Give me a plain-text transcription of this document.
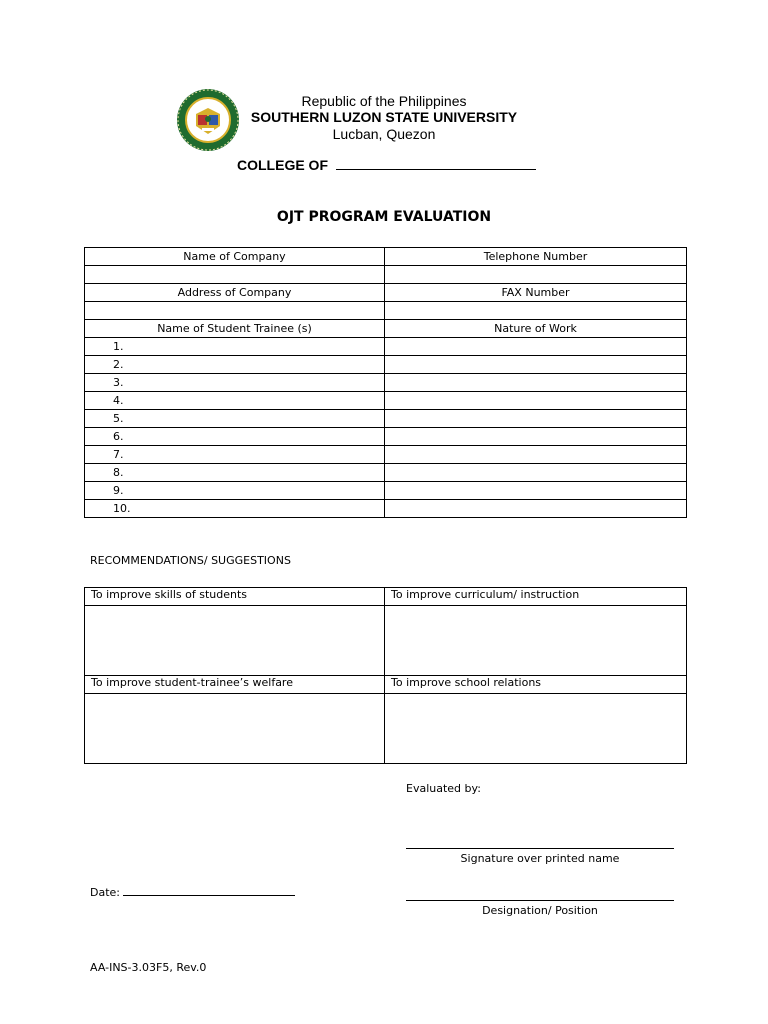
Republic of the Philippines
SOUTHERN LUZON STATE UNIVERSITY
Lucban, Quezon
COLLEGE OF
OJT PROGRAM EVALUATION
Name of Company	Telephone Number

Address of Company	FAX Number

Name of Student Trainee (s)	Nature of Work
1.	
2.	
3.	
4.	
5.	
6.	
7.	
8.	
9.	
10.	
RECOMMENDATIONS/ SUGGESTIONS
To improve skills of students	To improve curriculum/ instruction

To improve student-trainee’s welfare	To improve school relations

Evaluated by:
Signature over printed name
Date:
Designation/ Position
AA-INS-3.03F5, Rev.0
